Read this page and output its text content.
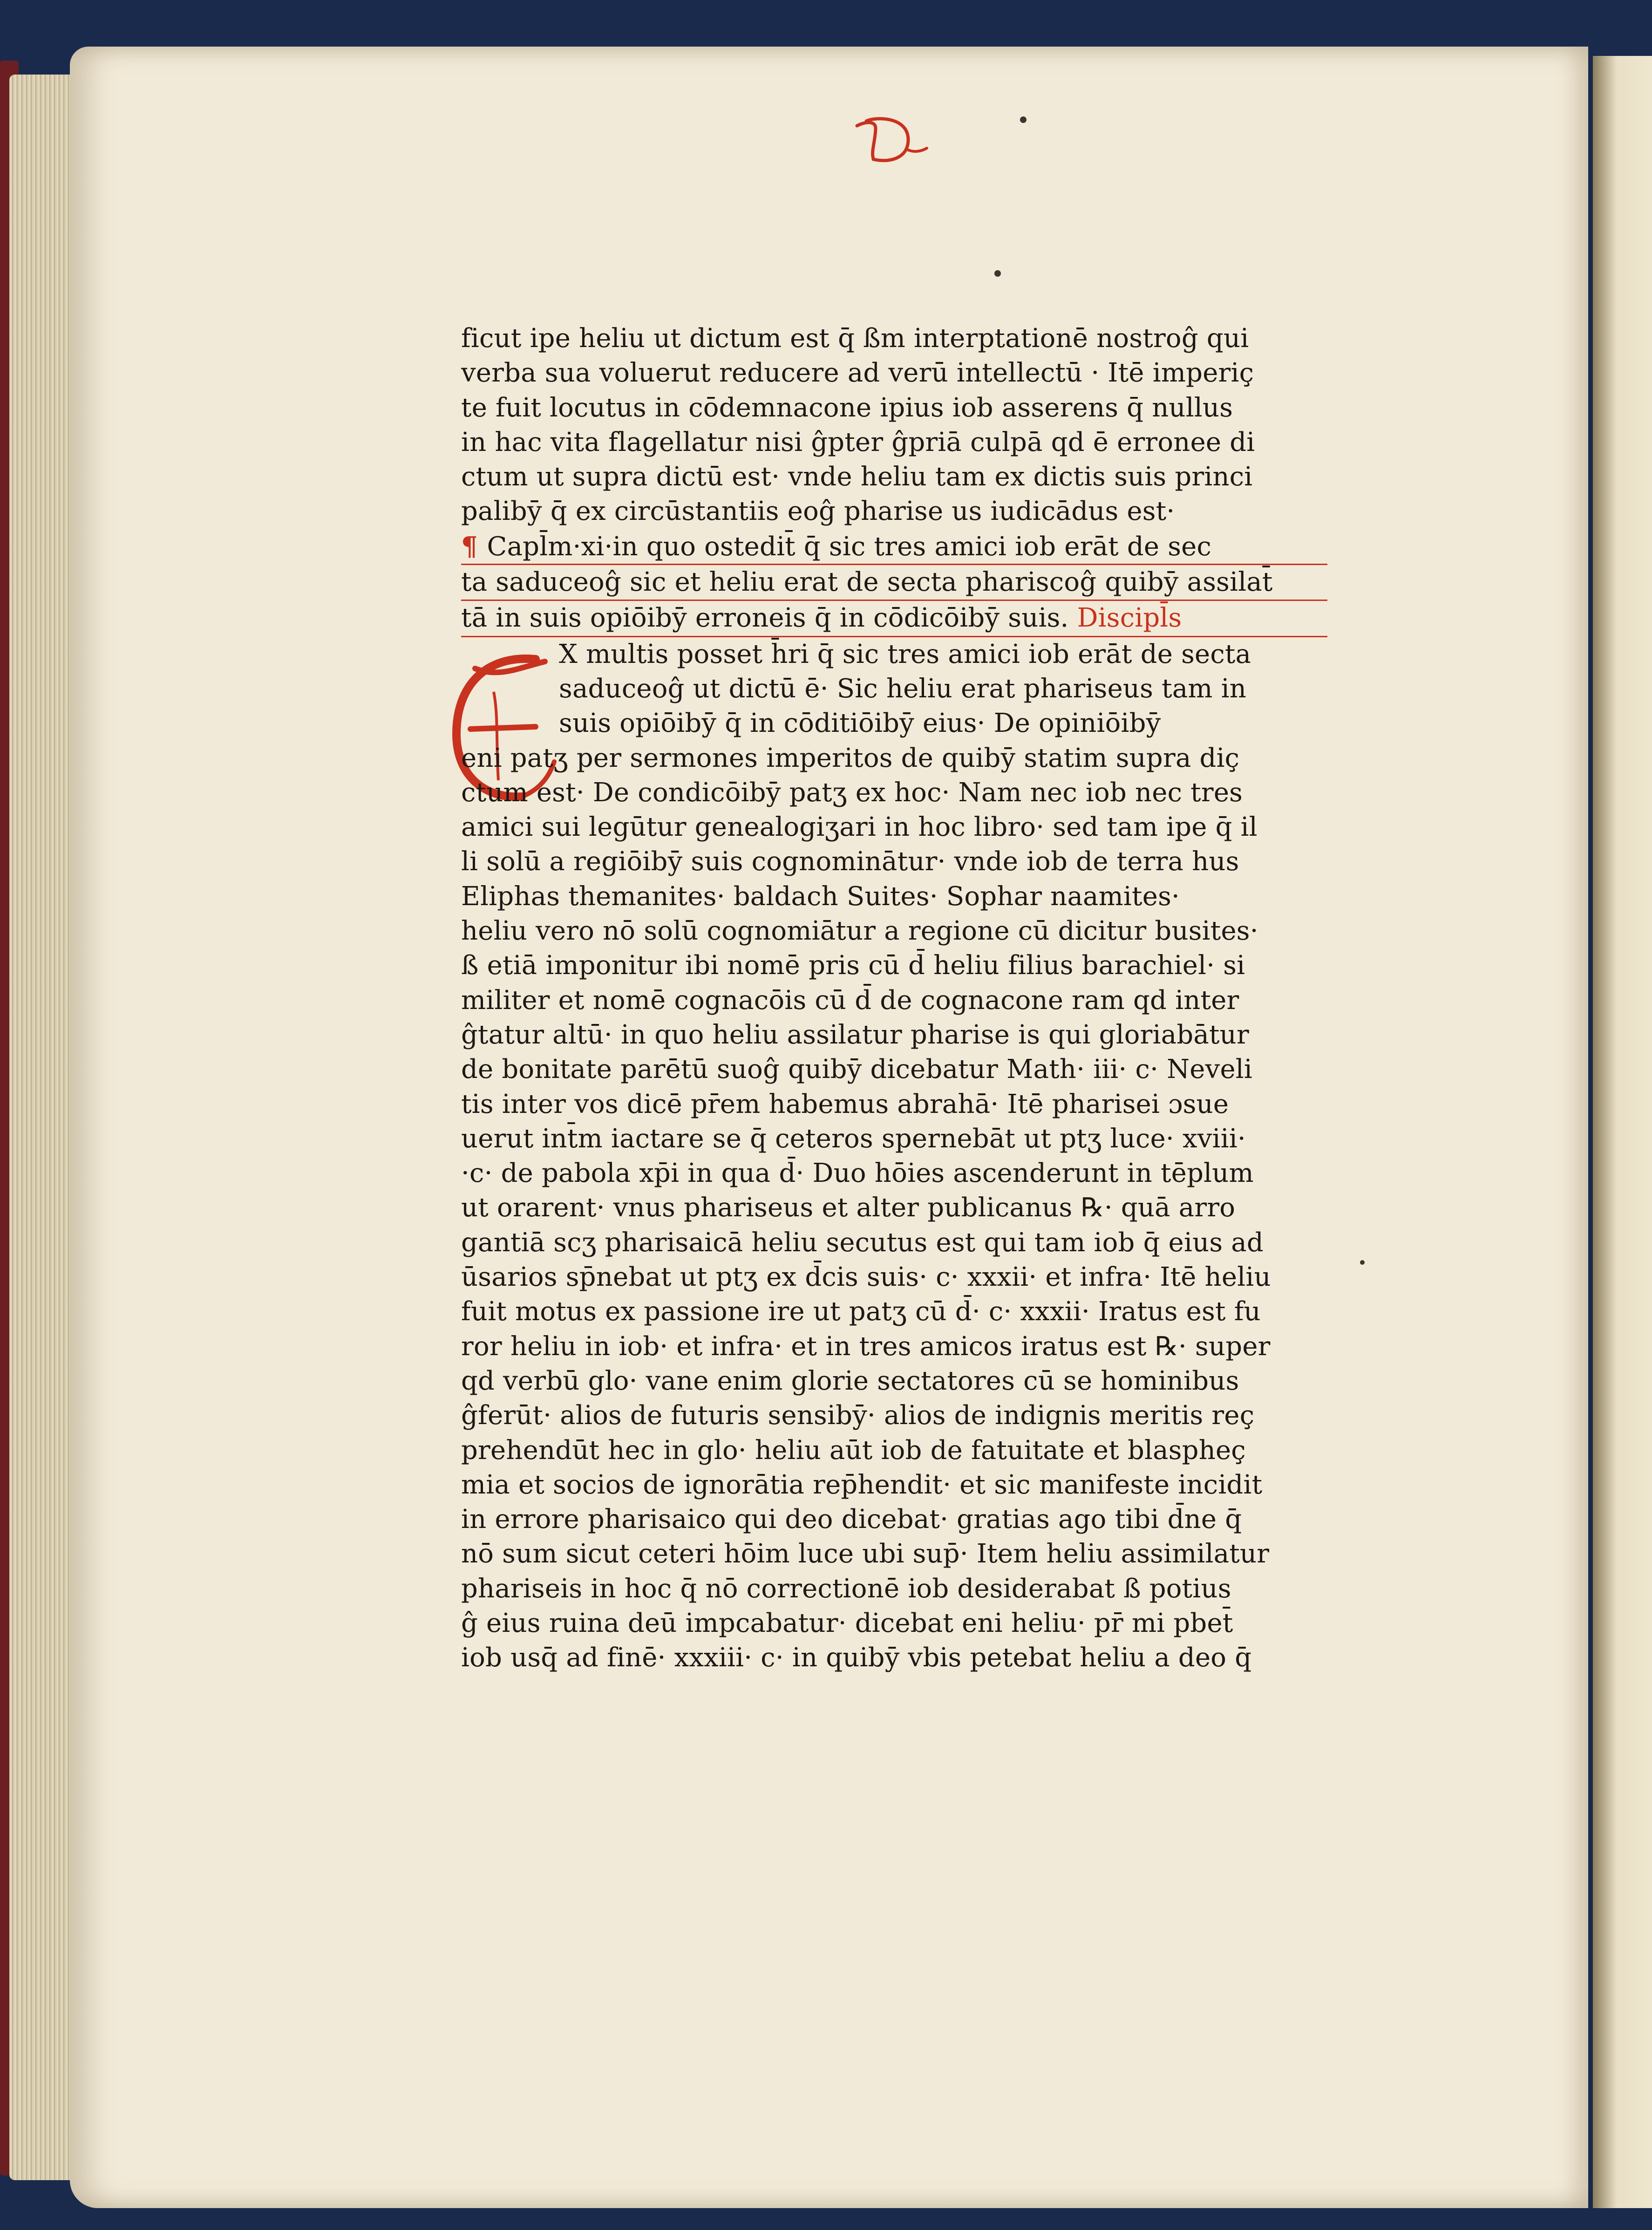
ficut ipe heliu ut dictum est q̄ ßm interptationē nostroĝ qui
verba sua voluerut reducere ad verū intellectū · Itē imperiç
te fuit locutus in cōdemnacone ipius iob asserens q̄ nullus
in hac vita flagellatur nisi ĝpter ĝpriā culpā qd ē erronee di
ctum ut supra dictū est· vnde heliu tam ex dictis suis princi
palibȳ q̄ ex circūstantiis eoĝ pharise us iudicādus est·
¶ Capl̄m·xi·in quo ostedit̄ q̄ sic tres amici iob erāt de sec
ta saduceoĝ sic et heliu erat de secta phariscoĝ quibȳ assilat̄
tā in suis opiōibȳ erroneis q̄ in cōdicōibȳ suis. Discipl̄s
X multis posset h̄ri q̄ sic tres amici iob erāt de secta
saduceoĝ ut dictū ē· Sic heliu erat phariseus tam in
suis opiōibȳ q̄ in cōditiōibȳ eius· De opiniōibȳ
eni patʒ per sermones imperitos de quibȳ statim supra diç
ctum est· De condicōibȳ patʒ ex hoc· Nam nec iob nec tres
amici sui legūtur genealogiʒari in hoc libro· sed tam ipe q̄ il
li solū a regiōibȳ suis cognominātur· vnde iob de terra hus
Eliphas themanites· baldach Suites· Sophar naamites·
heliu vero nō solū cognomiātur a regione cū dicitur busites·
ß etiā imponitur ibi nomē pris cū d̄ heliu filius barachiel· si
militer et nomē cognacōis cū d̄ de cognacone ram qd inter
ĝtatur altū· in quo heliu assilatur pharise is qui gloriabātur
de bonitate parētū suoĝ quibȳ dicebatur Math· iii· c· Neveli
tis inter vos dicē pr̄em habemus abrahā· Itē pharisei ɔsue
uerut int̄m iactare se q̄ ceteros spernebāt ut ptʒ luce· xviii·
·c· de pabola xp̄i in qua d̄· Duo hōies ascenderunt in tēplum
ut orarent· vnus phariseus et alter publicanus ℞· quā arro
gantiā scʒ pharisaicā heliu secutus est qui tam iob q̄ eius ad
ūsarios sp̄nebat ut ptʒ ex d̄cis suis· c· xxxii· et infra· Itē heliu
fuit motus ex passione ire ut patʒ cū d̄· c· xxxii· Iratus est fu
ror heliu in iob· et infra· et in tres amicos iratus est ℞· super
qd verbū glo· vane enim glorie sectatores cū se hominibus
ĝferūt· alios de futuris sensibȳ· alios de indignis meritis reç
prehendūt hec in glo· heliu aūt iob de fatuitate et blaspheç
mia et socios de ignorātia rep̄hendit· et sic manifeste incidit
in errore pharisaico qui deo dicebat· gratias ago tibi d̄ne q̄
nō sum sicut ceteri hōim luce ubi sup̄· Item heliu assimilatur
phariseis in hoc q̄ nō correctionē iob desiderabat ß potius
ĝ eius ruina deū impcabatur· dicebat eni heliu· pr̄ mi pbet̄
iob usq̄ ad finē· xxxiii· c· in quibȳ vbis petebat heliu a deo q̄
